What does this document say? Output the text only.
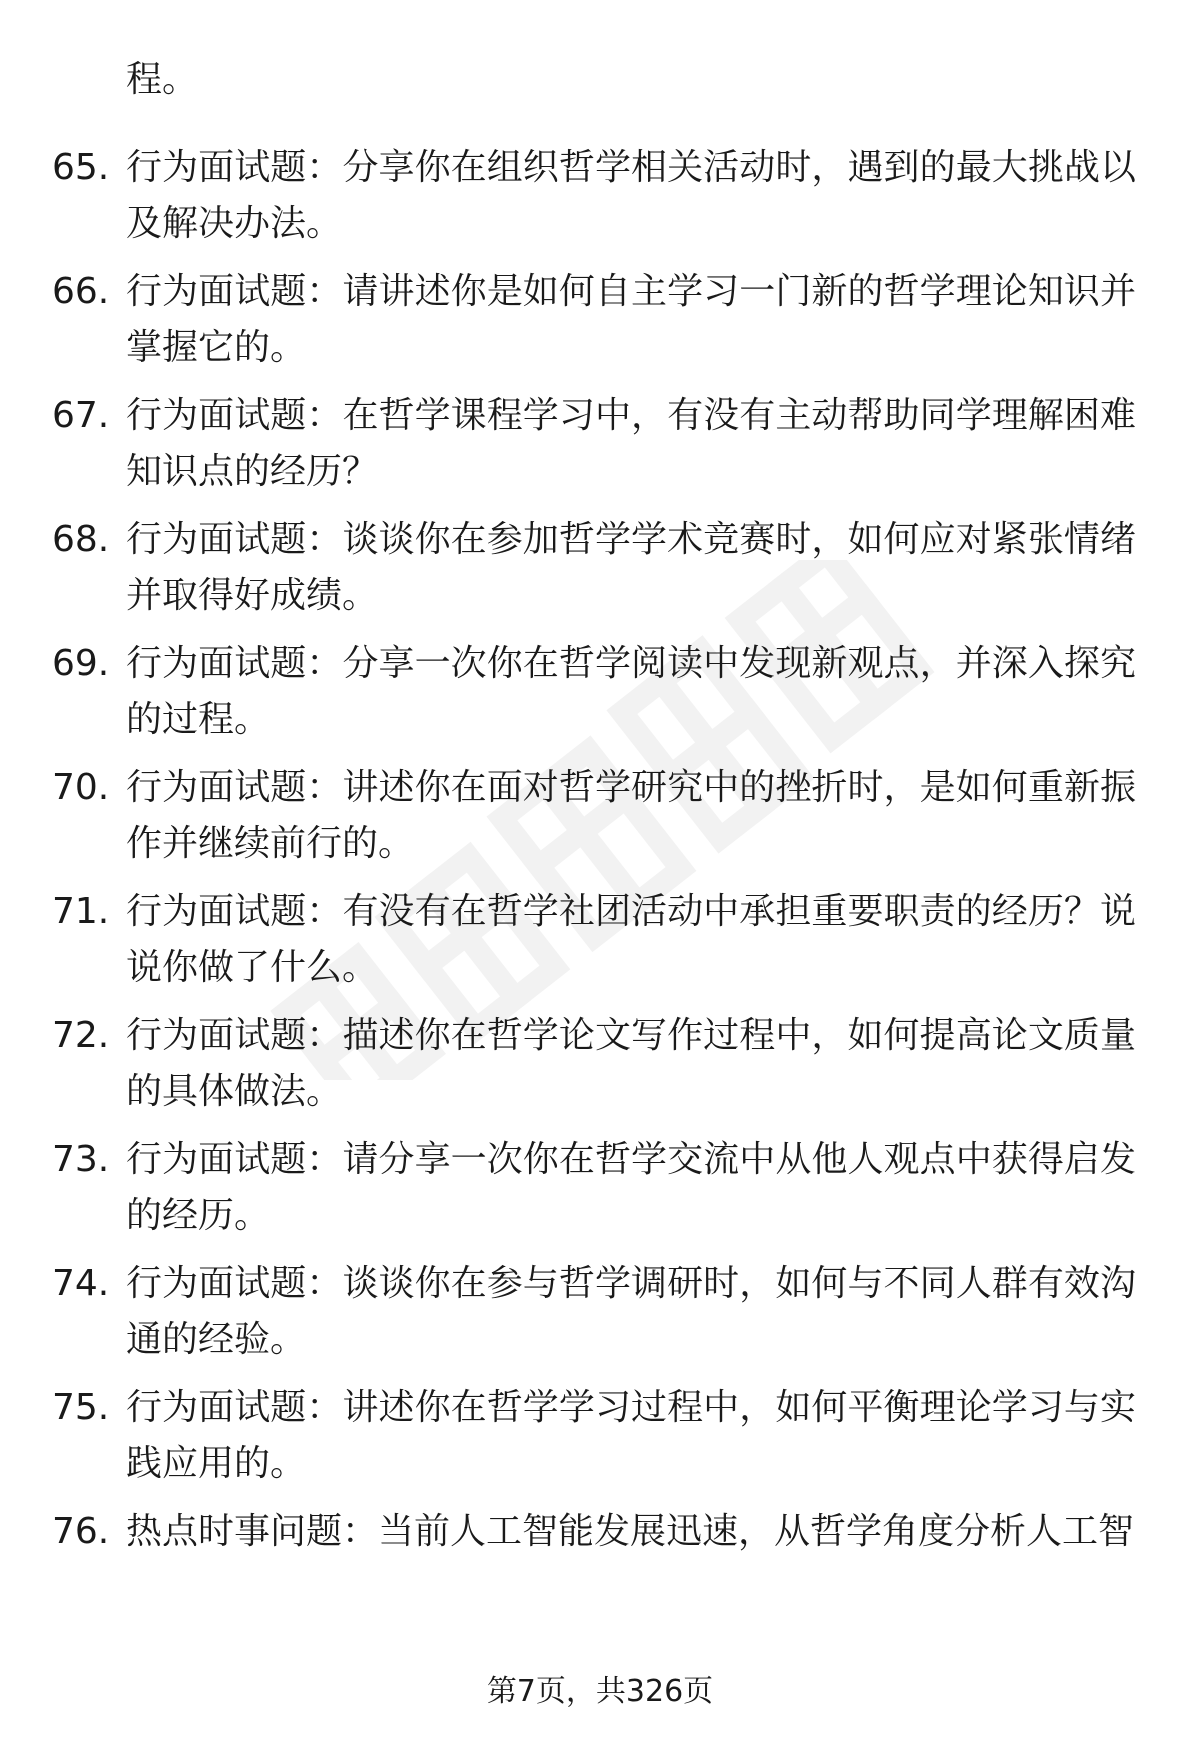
程。
65. 行为面试题：分享你在组织哲学相关活动时，遇到的最大挑战以及解决办法。
66. 行为面试题：请讲述你是如何自主学习一门新的哲学理论知识并掌握它的。
67. 行为面试题：在哲学课程学习中，有没有主动帮助同学理解困难知识点的经历？
68. 行为面试题：谈谈你在参加哲学学术竞赛时，如何应对紧张情绪并取得好成绩。
69. 行为面试题：分享一次你在哲学阅读中发现新观点，并深入探究的过程。
70. 行为面试题：讲述你在面对哲学研究中的挫折时，是如何重新振作并继续前行的。
71. 行为面试题：有没有在哲学社团活动中承担重要职责的经历？说说你做了什么。
72. 行为面试题：描述你在哲学论文写作过程中，如何提高论文质量的具体做法。
73. 行为面试题：请分享一次你在哲学交流中从他人观点中获得启发的经历。
74. 行为面试题：谈谈你在参与哲学调研时，如何与不同人群有效沟通的经验。
75. 行为面试题：讲述你在哲学学习过程中，如何平衡理论学习与实践应用的。
76. 热点时事问题：当前人工智能发展迅速，从哲学角度分析人工智
第7页，共326页
